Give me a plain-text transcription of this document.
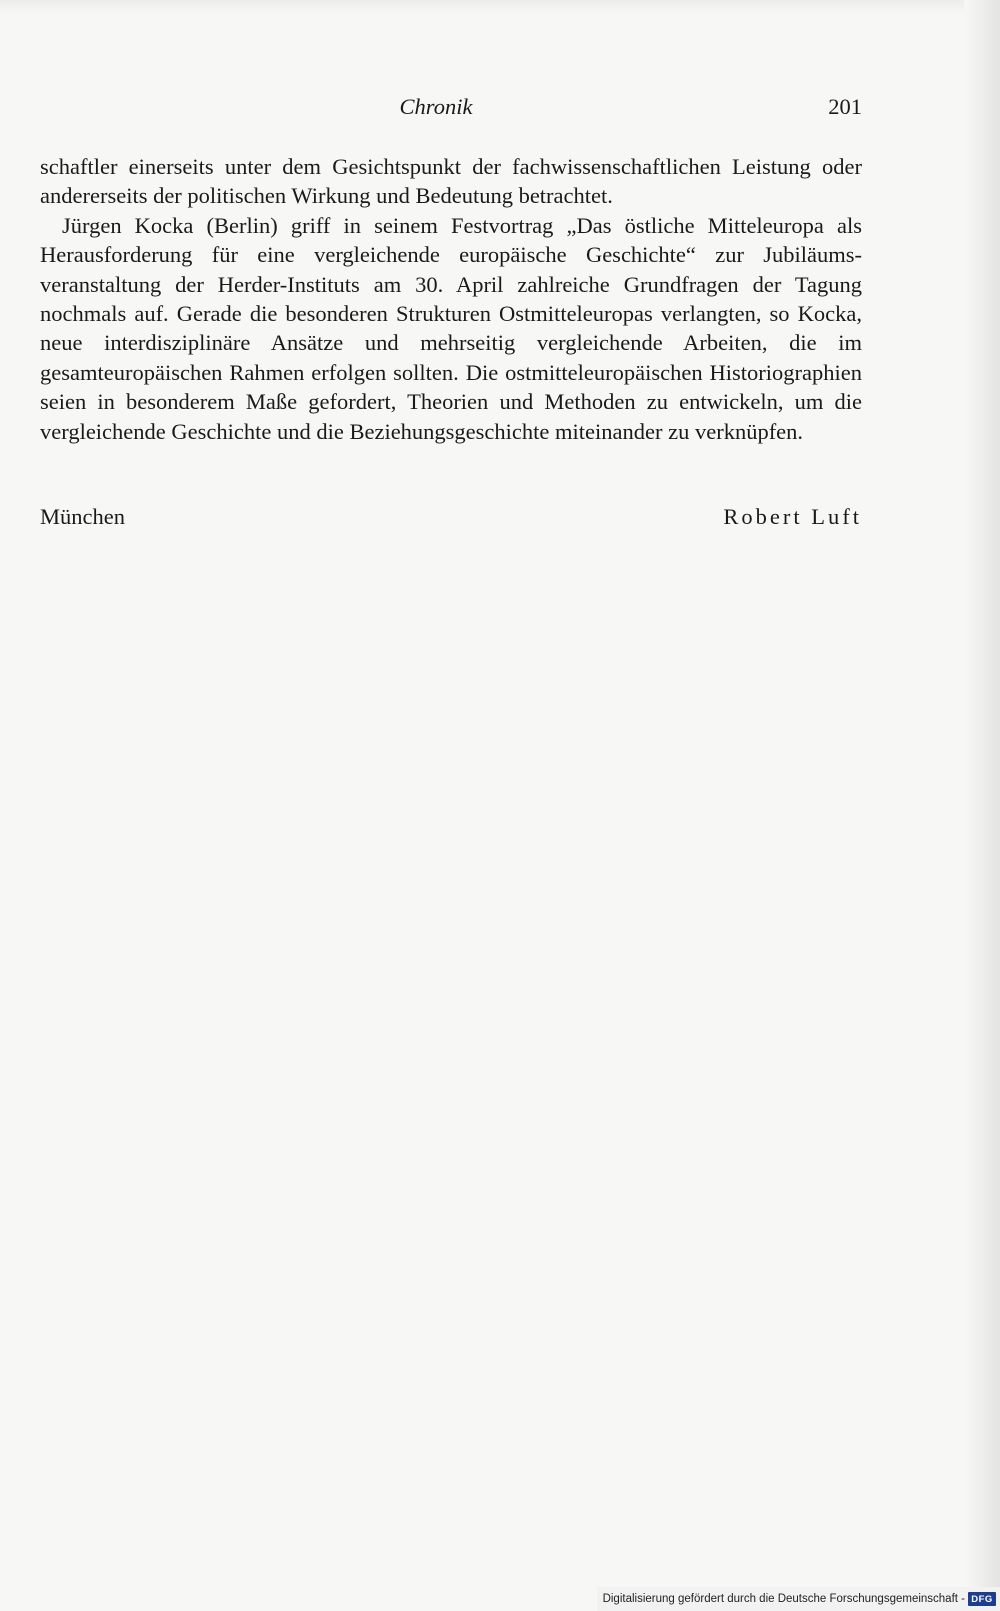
Chronik	201

schaftler einerseits unter dem Gesichtspunkt der fachwissenschaftlichen Leistung oder andererseits der politischen Wirkung und Bedeutung betrachtet.

Jürgen Kocka (Berlin) griff in seinem Festvortrag „Das östliche Mitteleuropa als Herausforderung für eine vergleichende europäische Geschichte“ zur Jubiläums-veranstaltung der Herder-Instituts am 30. April zahlreiche Grundfragen der Tagung nochmals auf. Gerade die besonderen Strukturen Ostmitteleuropas verlangten, so Kocka, neue interdisziplinäre Ansätze und mehrseitig vergleichende Arbeiten, die im gesamteuropäischen Rahmen erfolgen sollten. Die ostmitteleuropäischen Historiographien seien in besonderem Maße gefordert, Theorien und Methoden zu entwickeln, um die vergleichende Geschichte und die Beziehungsgeschichte miteinander zu verknüpfen.

München	Robert Luft
Digitalisierung gefördert durch die Deutsche Forschungsgemeinschaft - DFG
